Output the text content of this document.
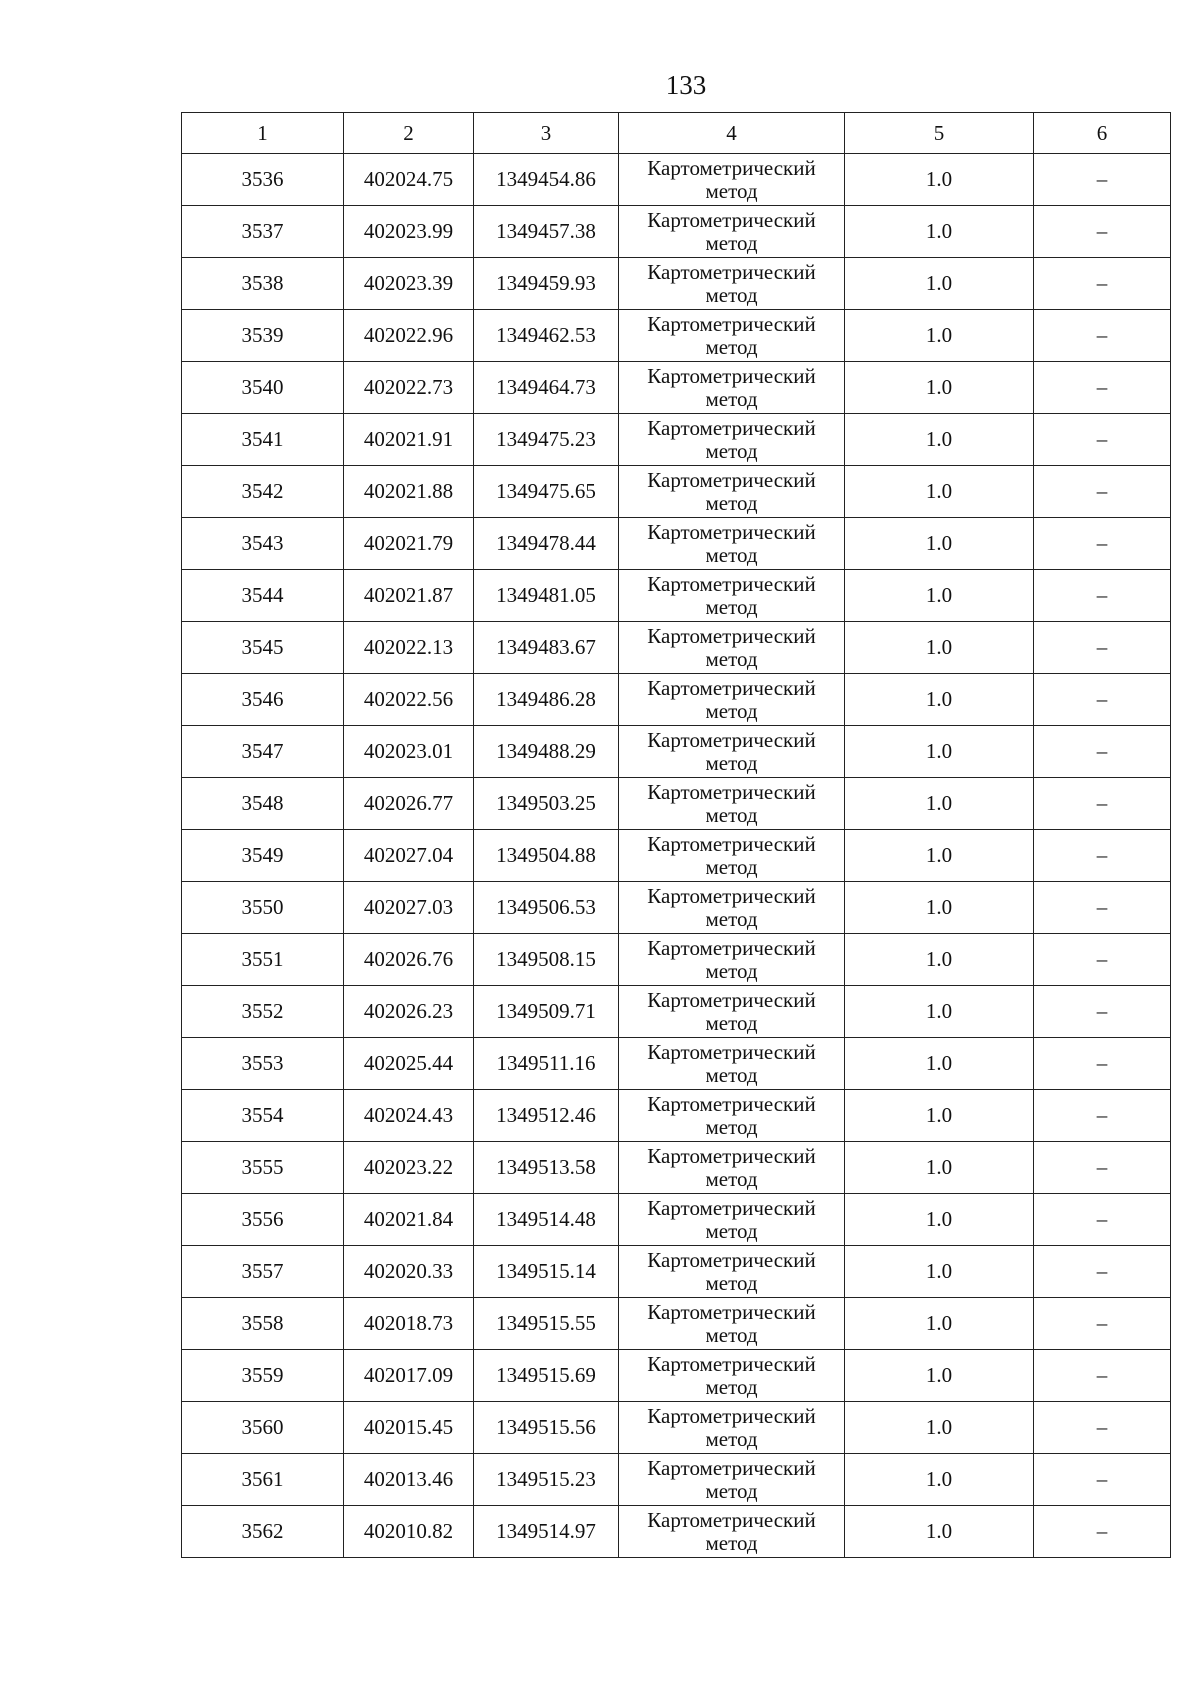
133
1	2	3	4	5	6
3536	402024.75	1349454.86	Картометрический метод	1.0	–
3537	402023.99	1349457.38	Картометрический метод	1.0	–
3538	402023.39	1349459.93	Картометрический метод	1.0	–
3539	402022.96	1349462.53	Картометрический метод	1.0	–
3540	402022.73	1349464.73	Картометрический метод	1.0	–
3541	402021.91	1349475.23	Картометрический метод	1.0	–
3542	402021.88	1349475.65	Картометрический метод	1.0	–
3543	402021.79	1349478.44	Картометрический метод	1.0	–
3544	402021.87	1349481.05	Картометрический метод	1.0	–
3545	402022.13	1349483.67	Картометрический метод	1.0	–
3546	402022.56	1349486.28	Картометрический метод	1.0	–
3547	402023.01	1349488.29	Картометрический метод	1.0	–
3548	402026.77	1349503.25	Картометрический метод	1.0	–
3549	402027.04	1349504.88	Картометрический метод	1.0	–
3550	402027.03	1349506.53	Картометрический метод	1.0	–
3551	402026.76	1349508.15	Картометрический метод	1.0	–
3552	402026.23	1349509.71	Картометрический метод	1.0	–
3553	402025.44	1349511.16	Картометрический метод	1.0	–
3554	402024.43	1349512.46	Картометрический метод	1.0	–
3555	402023.22	1349513.58	Картометрический метод	1.0	–
3556	402021.84	1349514.48	Картометрический метод	1.0	–
3557	402020.33	1349515.14	Картометрический метод	1.0	–
3558	402018.73	1349515.55	Картометрический метод	1.0	–
3559	402017.09	1349515.69	Картометрический метод	1.0	–
3560	402015.45	1349515.56	Картометрический метод	1.0	–
3561	402013.46	1349515.23	Картометрический метод	1.0	–
3562	402010.82	1349514.97	Картометрический метод	1.0	–
